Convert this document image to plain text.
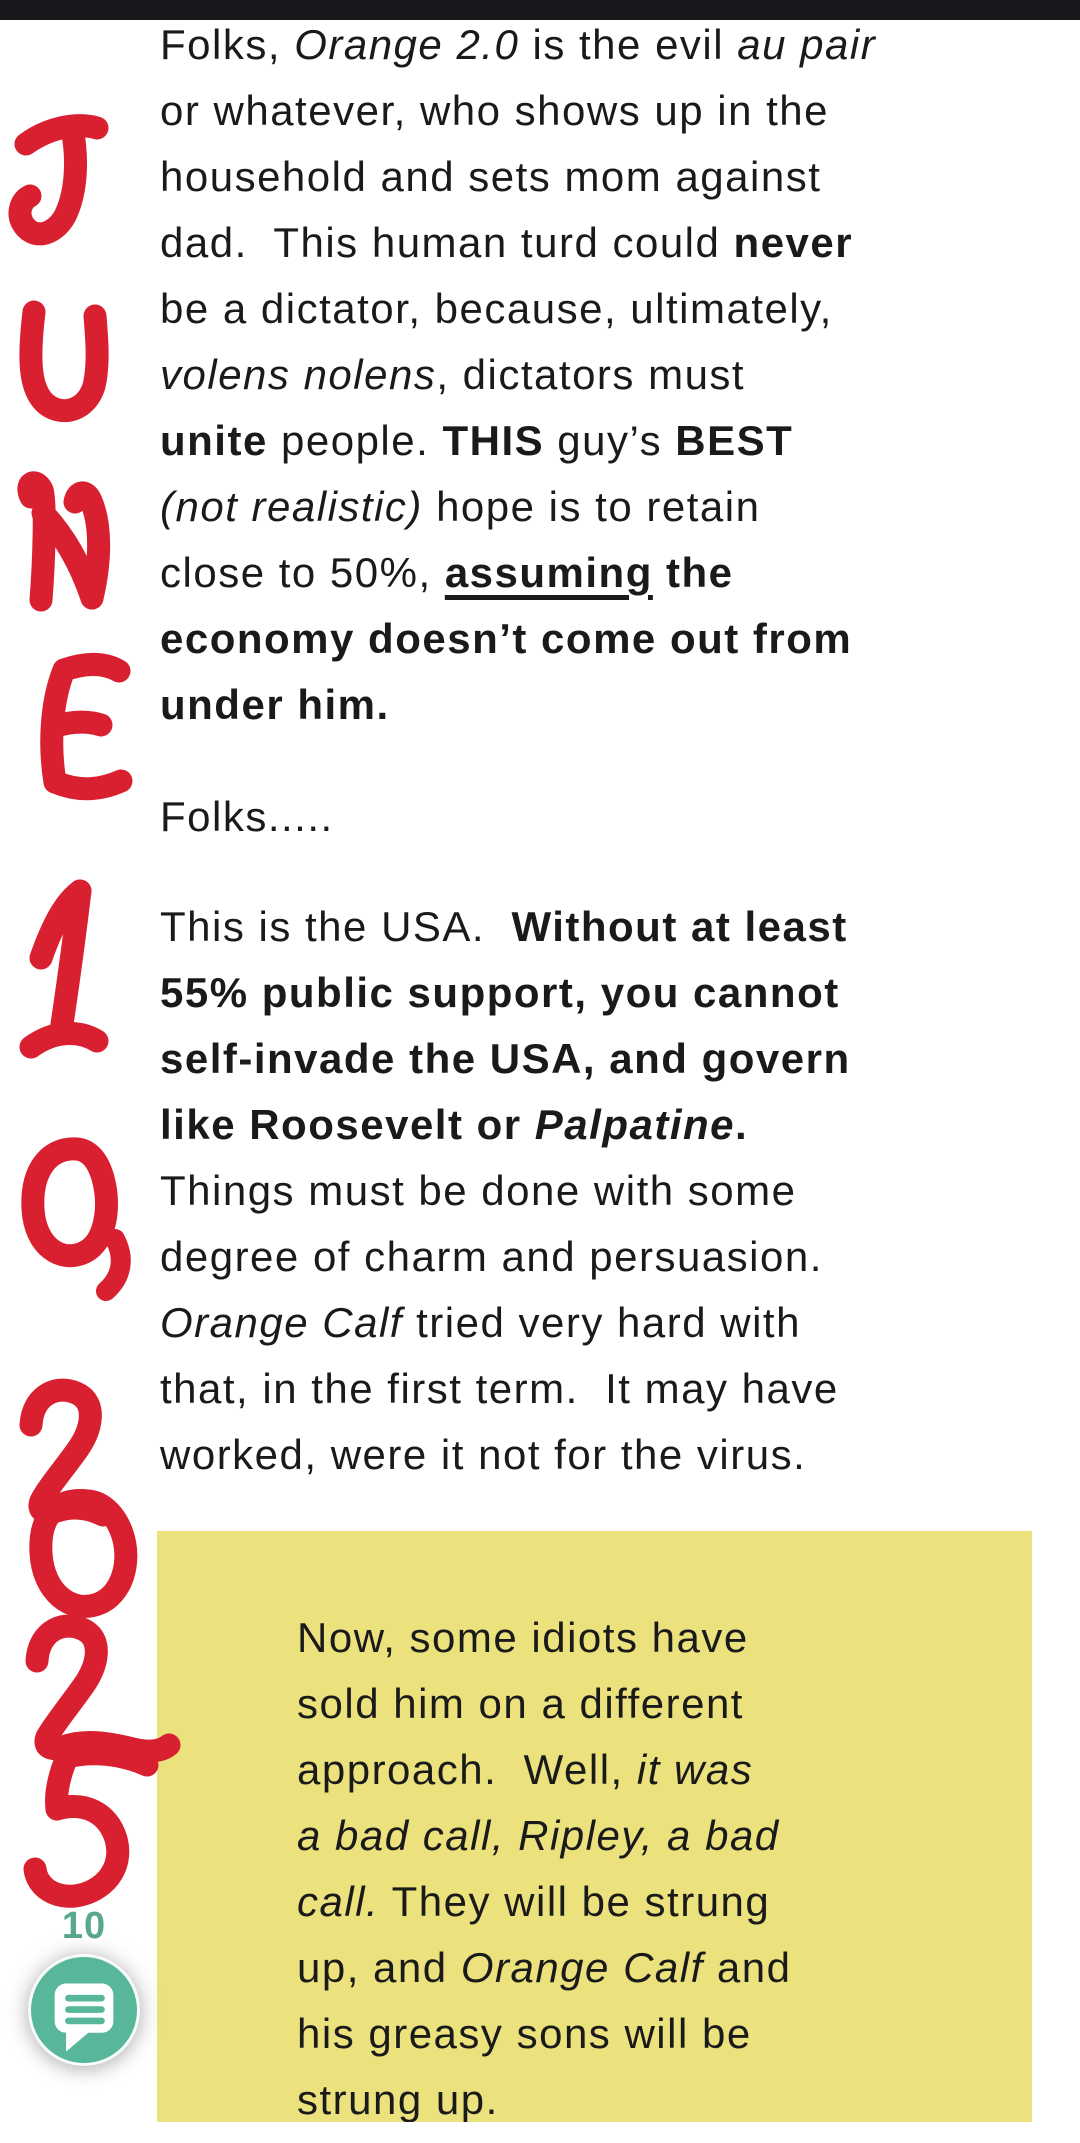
Folks, Orange 2.0 is the evil au pair
or whatever, who shows up in the
household and sets mom against
dad.  This human turd could never
be a dictator, because, ultimately,
volens nolens, dictators must
unite people. THIS guy’s BEST
(not realistic) hope is to retain
close to 50%, assuming the
economy doesn’t come out from
under him.
Folks.....
This is the USA.  Without at least
55% public support, you cannot
self-invade the USA, and govern
like Roosevelt or Palpatine.
Things must be done with some
degree of charm and persuasion.
Orange Calf tried very hard with
that, in the first term.  It may have
worked, were it not for the virus.
Now, some idiots have
sold him on a different
approach.  Well, it was
a bad call, Ripley, a bad
call. They will be strung
up, and Orange Calf and
his greasy sons will be
strung up.
10
